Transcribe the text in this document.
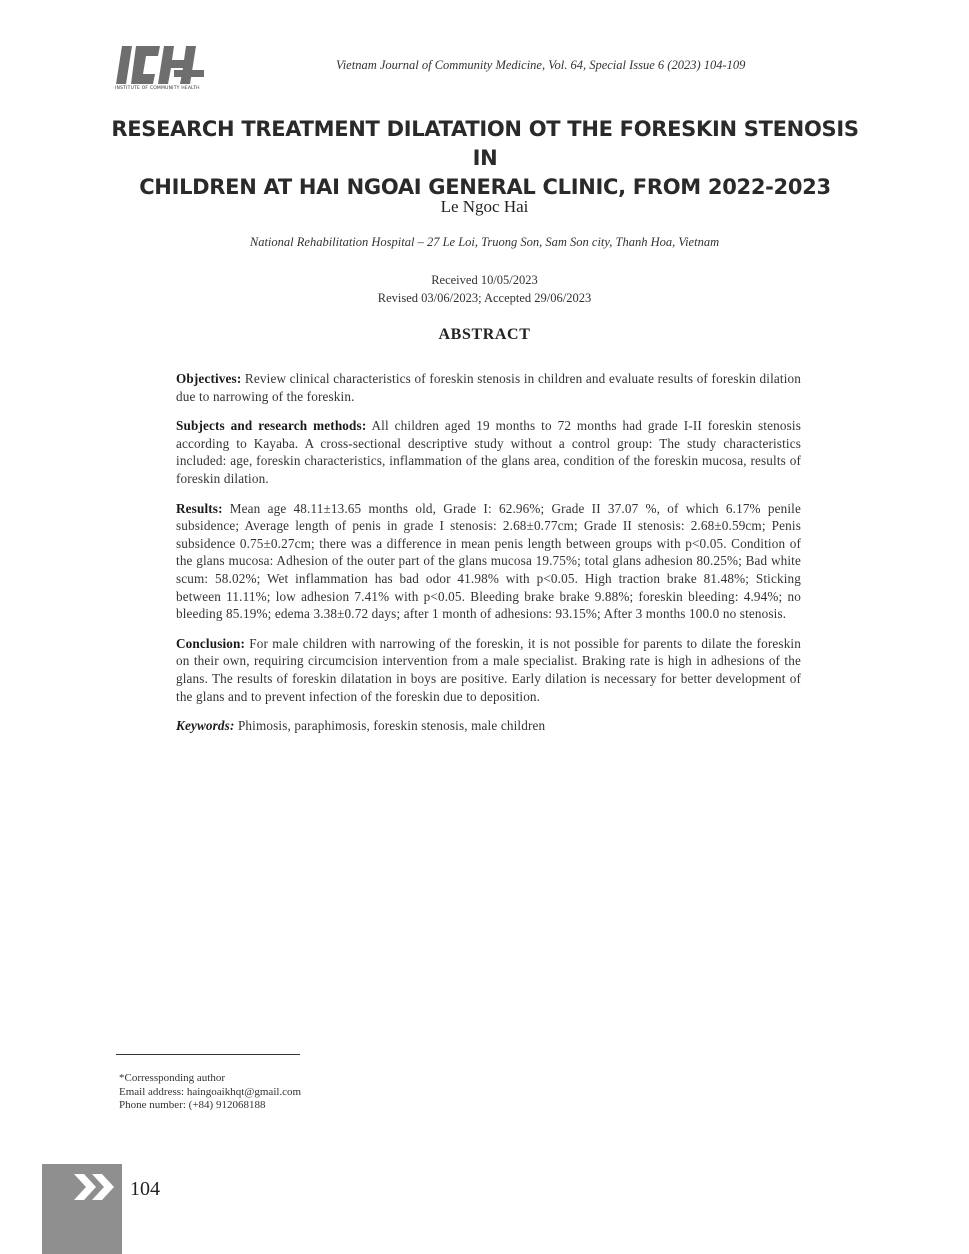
INSTITUTE OF COMMUNITY HEALTH
Vietnam Journal of Community Medicine, Vol. 64, Special Issue 6 (2023) 104-109
RESEARCH TREATMENT DILATATION OT THE FORESKIN STENOSIS IN
CHILDREN AT HAI NGOAI GENERAL CLINIC, FROM 2022-2023
Le Ngoc Hai
National Rehabilitation Hospital – 27 Le Loi, Truong Son, Sam Son city, Thanh Hoa, Vietnam
Received 10/05/2023
Revised 03/06/2023; Accepted 29/06/2023
ABSTRACT

Objectives: Review clinical characteristics of foreskin stenosis in children and evaluate results of foreskin dilation due to narrowing of the foreskin.

Subjects and research methods: All children aged 19 months to 72 months had grade I-II foreskin stenosis according to Kayaba. A cross-sectional descriptive study without a control group: The study characteristics included: age, foreskin characteristics, inflammation of the glans area, condition of the foreskin mucosa, results of foreskin dilation.

Results: Mean age 48.11±13.65 months old, Grade I: 62.96%; Grade II 37.07 %, of which 6.17% penile subsidence; Average length of penis in grade I stenosis: 2.68±0.77cm; Grade II stenosis: 2.68±0.59cm; Penis subsidence 0.75±0.27cm; there was a difference in mean penis length between groups with p<0.05. Condition of the glans mucosa: Adhesion of the outer part of the glans mucosa 19.75%; total glans adhesion 80.25%; Bad white scum: 58.02%; Wet inflammation has bad odor 41.98% with p<0.05. High traction brake 81.48%; Sticking between 11.11%; low adhesion 7.41% with p<0.05. Bleeding brake brake 9.88%; foreskin bleeding: 4.94%; no bleeding 85.19%; edema 3.38±0.72 days; after 1 month of adhesions: 93.15%; After 3 months 100.0 no stenosis.

Conclusion: For male children with narrowing of the foreskin, it is not possible for parents to dilate the foreskin on their own, requiring circumcision intervention from a male specialist. Braking rate is high in adhesions of the glans. The results of foreskin dilatation in boys are positive. Early dilation is necessary for better development of the glans and to prevent infection of the foreskin due to deposition.

Keywords: Phimosis, paraphimosis, foreskin stenosis, male children

*Corressponding author
Email address: haingoaikhqt@gmail.com
Phone number: (+84) 912068188
104
